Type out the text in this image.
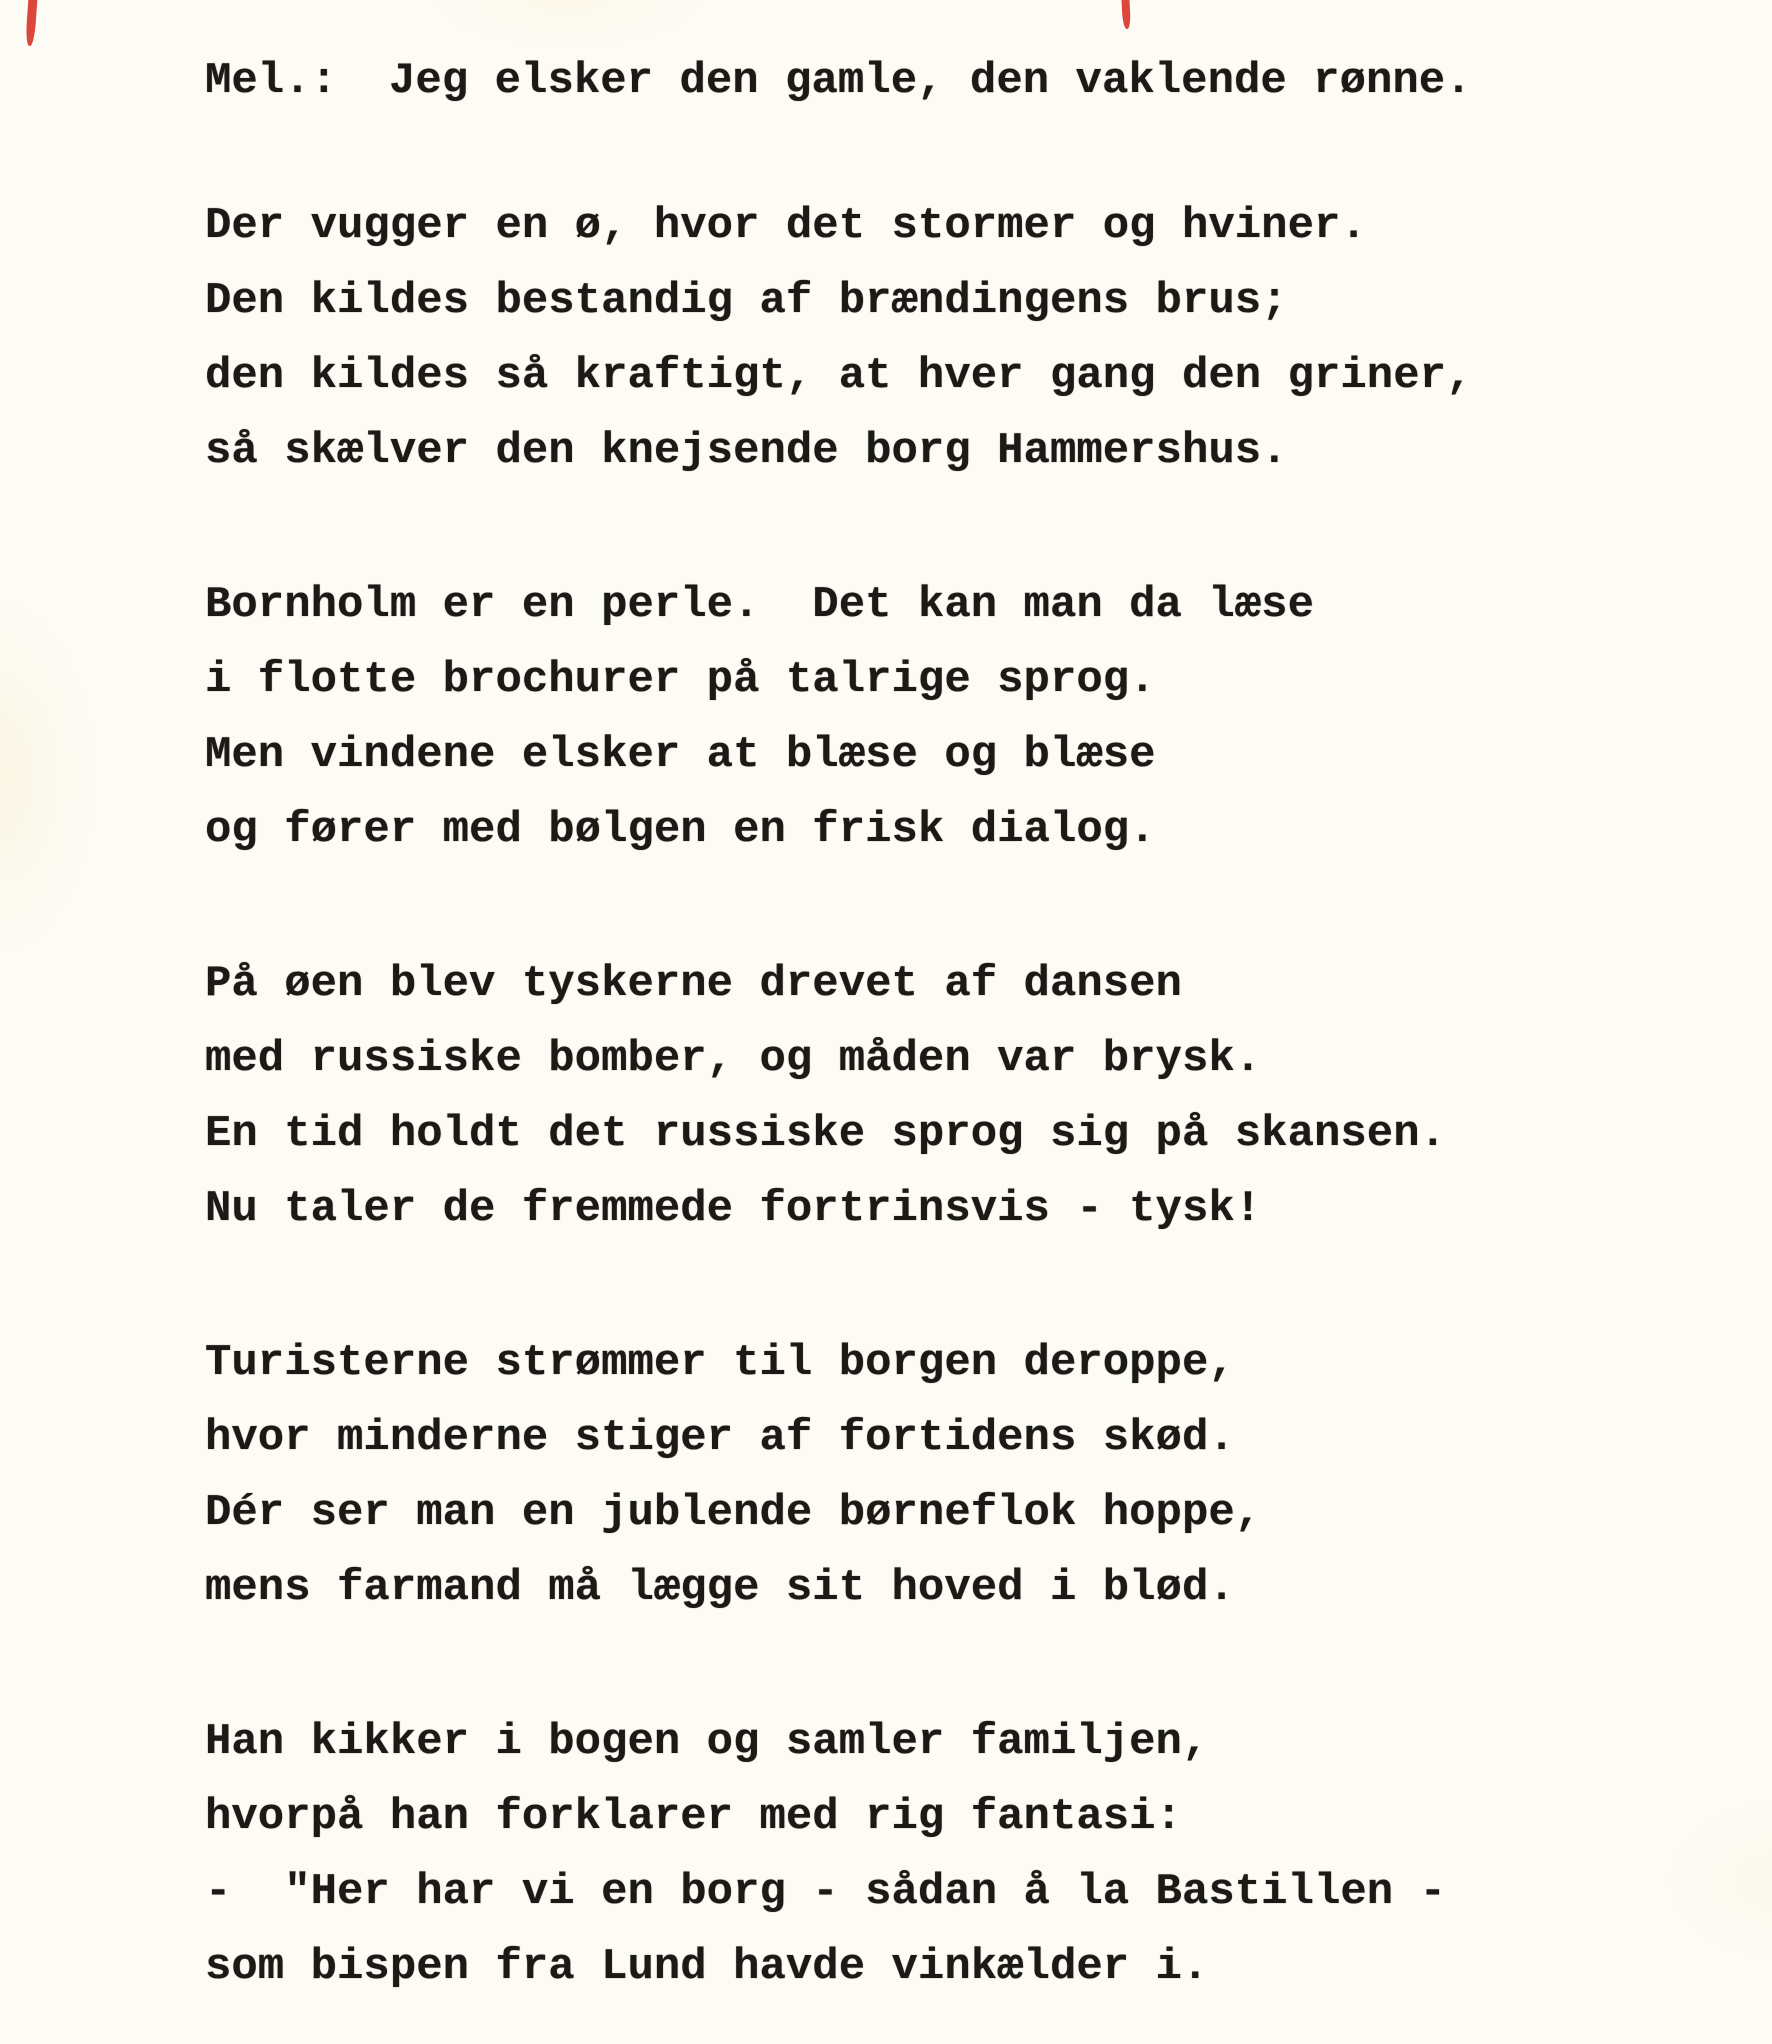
Mel.: Jeg elsker den gamle, den vaklende rønne.
Der vugger en ø, hvor det stormer og hviner.
Den kildes bestandig af brændingens brus;
den kildes så kraftigt, at hver gang den griner,
så skælver den knejsende borg Hammershus.
Bornholm er en perle.  Det kan man da læse
i flotte brochurer på talrige sprog.
Men vindene elsker at blæse og blæse
og fører med bølgen en frisk dialog.
På øen blev tyskerne drevet af dansen
med russiske bomber, og måden var brysk.
En tid holdt det russiske sprog sig på skansen.
Nu taler de fremmede fortrinsvis - tysk!
Turisterne strømmer til borgen deroppe,
hvor minderne stiger af fortidens skød.
Dér ser man en jublende børneflok hoppe,
mens farmand må lægge sit hoved i blød.
Han kikker i bogen og samler familjen,
hvorpå han forklarer med rig fantasi:
-  "Her har vi en borg - sådan å la Bastillen -
som bispen fra Lund havde vinkælder i.
